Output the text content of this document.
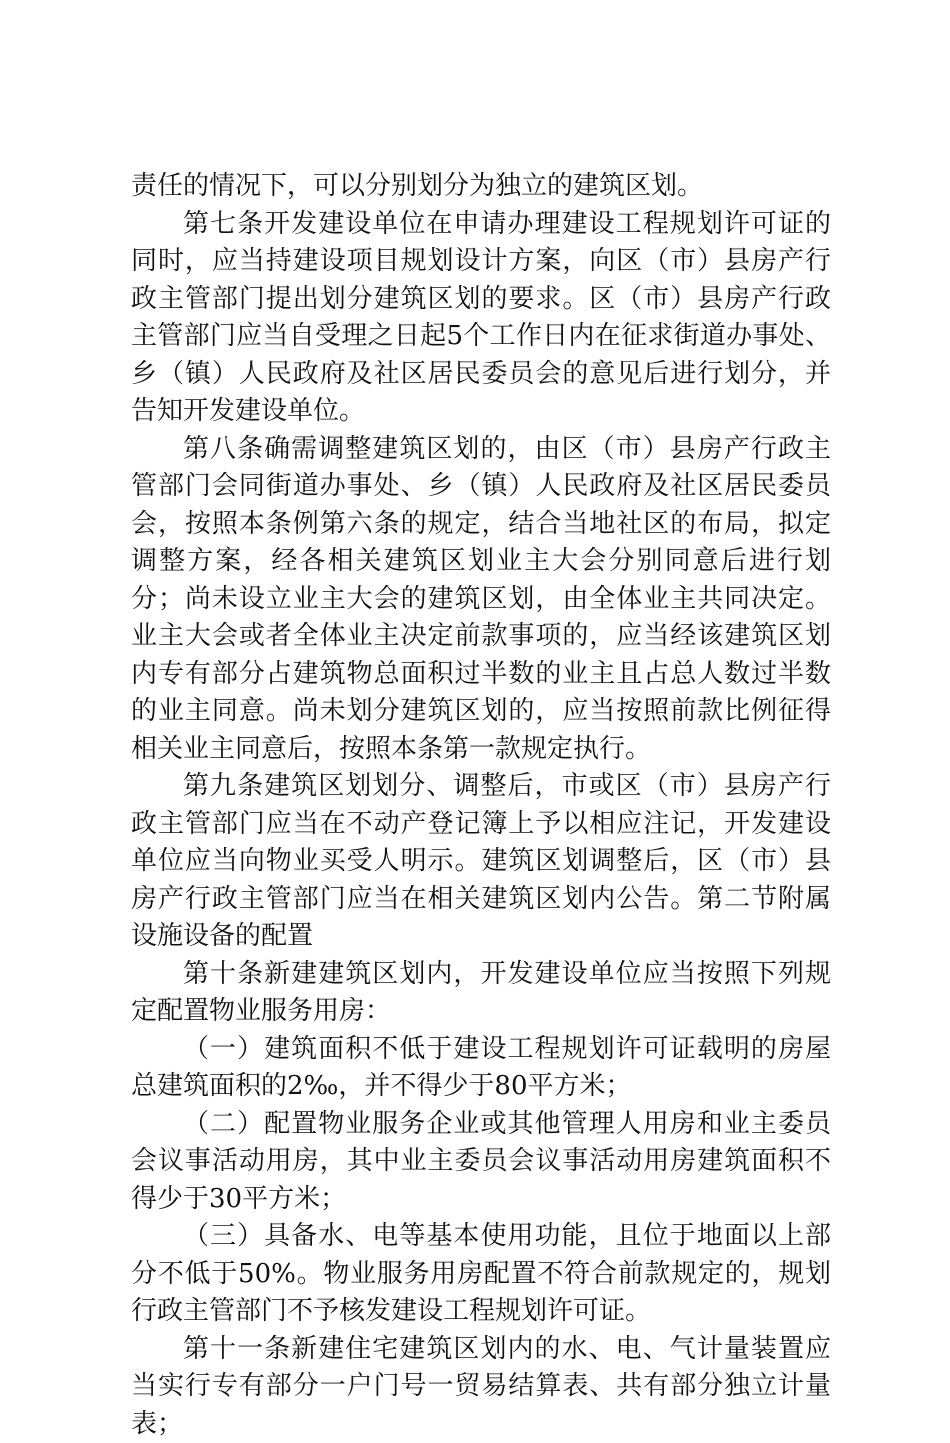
责任的情况下，可以分别划分为独立的建筑区划。

第七条开发建设单位在申请办理建设工程规划许可证的同时，应当持建设项目规划设计方案，向区（市）县房产行政主管部门提出划分建筑区划的要求。区（市）县房产行政主管部门应当自受理之日起5个工作日内在征求街道办事处、乡（镇）人民政府及社区居民委员会的意见后进行划分，并告知开发建设单位。

第八条确需调整建筑区划的，由区（市）县房产行政主管部门会同街道办事处、乡（镇）人民政府及社区居民委员会，按照本条例第六条的规定，结合当地社区的布局，拟定调整方案，经各相关建筑区划业主大会分别同意后进行划分；尚未设立业主大会的建筑区划，由全体业主共同决定。业主大会或者全体业主决定前款事项的，应当经该建筑区划内专有部分占建筑物总面积过半数的业主且占总人数过半数的业主同意。尚未划分建筑区划的，应当按照前款比例征得相关业主同意后，按照本条第一款规定执行。

第九条建筑区划划分、调整后，市或区（市）县房产行政主管部门应当在不动产登记簿上予以相应注记，开发建设单位应当向物业买受人明示。建筑区划调整后，区（市）县房产行政主管部门应当在相关建筑区划内公告。第二节附属设施设备的配置

第十条新建建筑区划内，开发建设单位应当按照下列规定配置物业服务用房：

（一）建筑面积不低于建设工程规划许可证载明的房屋总建筑面积的2‰，并不得少于80平方米；

（二）配置物业服务企业或其他管理人用房和业主委员会议事活动用房，其中业主委员会议事活动用房建筑面积不得少于30平方米；

（三）具备水、电等基本使用功能，且位于地面以上部分不低于50%。物业服务用房配置不符合前款规定的，规划行政主管部门不予核发建设工程规划许可证。

第十一条新建住宅建筑区划内的水、电、气计量装置应当实行专有部分一户门号一贸易结算表、共有部分独立计量表；
